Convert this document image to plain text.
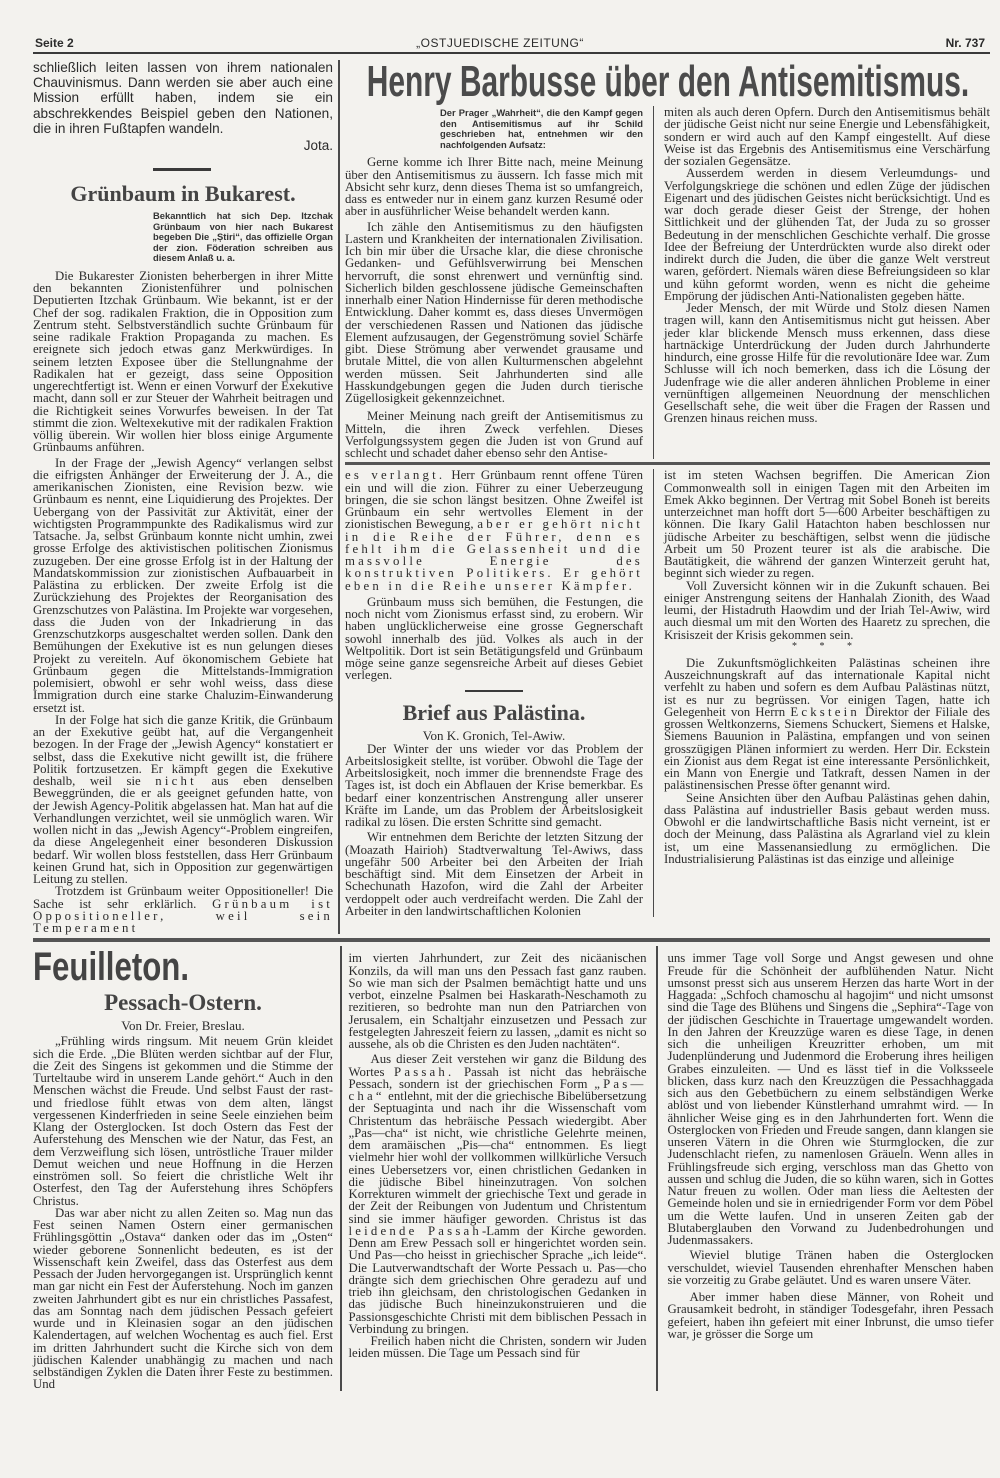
Seite 2	„OSTJUEDISCHE ZEITUNG“	Nr. 737
schließlich leiten lassen von ihrem nationalen Chauvinismus. Dann werden sie aber auch eine Mission erfüllt haben, indem sie ein abschrekkendes Beispiel geben den Nationen, die in ihren Fußtapfen wandeln.
Jota.
Grünbaum in Bukarest.
Bekanntlich hat sich Dep. Itzchak Grünbaum von hier nach Bukarest begeben Die „Știri“, das offizielle Organ der zion. Föderation schreiben aus diesem Anlaß u. a.

Die Bukarester Zionisten beherbergen in ihrer Mitte den bekannten Zionistenführer und polnischen Deputierten Itzchak Grünbaum. Wie bekannt, ist er der Chef der sog. radikalen Fraktion, die in Opposition zum Zentrum steht. Selbstverständlich suchte Grünbaum für seine radikale Fraktion Propaganda zu machen. Es ereignete sich jedoch etwas ganz Merkwürdiges. In seinem letzten Exposee über die Stellungnahme der Radikalen hat er gezeigt, dass seine Opposition ungerechtfertigt ist. Wenn er einen Vorwurf der Exekutive macht, dann soll er zur Steuer der Wahrheit beitragen und die Richtigkeit seines Vorwurfes beweisen. In der Tat stimmt die zion. Weltexekutive mit der radikalen Fraktion völlig überein. Wir wollen hier bloss einige Argumente Grünbaums anführen.

In der Frage der „Jewish Agency“ verlangen selbst die eifrigsten Anhänger der Erweiterung der J. A., die amerikanischen Zionisten, eine Revision bezw. wie Grünbaum es nennt, eine Liquidierung des Projektes. Der Uebergang von der Passivität zur Aktivität, einer der wichtigsten Programmpunkte des Radikalismus wird zur Tatsache. Ja, selbst Grünbaum konnte nicht umhin, zwei grosse Erfolge des aktivistischen politischen Zionismus zuzugeben. Der eine grosse Erfolg ist in der Haltung der Mandatskommission zur zionistischen Aufbauarbeit in Palästina zu erblicken. Der zweite Erfolg ist die Zurückziehung des Projektes der Reorganisation des Grenzschutzes von Palästina. Im Projekte war vorgesehen, dass die Juden von der Inkadrierung in das Grenzschutzkorps ausgeschaltet werden sollen. Dank den Bemühungen der Exekutive ist es nun gelungen dieses Projekt zu vereiteln. Auf ökonomischem Gebiete hat Grünbaum gegen die Mittelstands-Immigration polemisiert, obwohl er sehr wohl weiss, dass diese Immigration durch eine starke Chaluzim-Einwanderung ersetzt ist.

In der Folge hat sich die ganze Kritik, die Grünbaum an der Exekutive geübt hat, auf die Vergangenheit bezogen. In der Frage der „Jewish Agency“ konstatiert er selbst, dass die Exekutive nicht gewillt ist, die frühere Politik fortzusetzen. Er kämpft gegen die Exekutive deshalb, weil sie nicht aus eben denselben Beweggründen, die er als geeignet gefunden hatte, von der Jewish Agency-Politik abgelassen hat. Man hat auf die Verhandlungen verzichtet, weil sie unmöglich waren. Wir wollen nicht in das „Jewish Agency“-Problem eingreifen, da diese Angelegenheit einer besonderen Diskussion bedarf. Wir wollen bloss feststellen, dass Herr Grünbaum keinen Grund hat, sich in Opposition zur gegenwärtigen Leitung zu stellen.

Trotzdem ist Grünbaum weiter Oppositioneller! Die Sache ist sehr erklärlich. Grünbaum ist Oppositioneller, weil sein Temperament

Henry Barbusse über den Antisemitismus.
Der Prager „Wahrheit“, die den Kampf gegen den Antisemitismus auf ihr Schild geschrieben hat, entnehmen wir den nachfolgenden Aufsatz:

Gerne komme ich Ihrer Bitte nach, meine Meinung über den Antisemitismus zu äussern. Ich fasse mich mit Absicht sehr kurz, denn dieses Thema ist so umfangreich, dass es entweder nur in einem ganz kurzen Resumé oder aber in ausführlicher Weise behandelt werden kann.

Ich zähle den Antisemitismus zu den häufigsten Lastern und Krankheiten der internationalen Zivilisation. Ich bin mir über die Ursache klar, die diese chronische Gedanken- und Gefühlsverwirrung bei Menschen hervorruft, die sonst ehrenwert und vernünftig sind. Sicherlich bilden geschlossene jüdische Gemeinschaften innerhalb einer Nation Hindernisse für deren methodische Entwicklung. Daher kommt es, dass dieses Unvermögen der verschiedenen Rassen und Nationen das jüdische Element aufzusaugen, der Gegenströmung soviel Schärfe gibt. Diese Strömung aber verwendet grausame und brutale Mittel, die von allen Kulturmenschen abgelehnt werden müssen. Seit Jahrhunderten sind alle Hasskundgebungen gegen die Juden durch tierische Zügellosigkeit gekennzeichnet.

Meiner Meinung nach greift der Antisemitismus zu Mitteln, die ihren Zweck verfehlen. Dieses Verfolgungssystem gegen die Juden ist von Grund auf schlecht und schadet daher ebenso sehr den Antise-

miten als auch deren Opfern. Durch den Antisemitismus behält der jüdische Geist nicht nur seine Energie und Lebensfähigkeit, sondern er wird auch auf den Kampf eingestellt. Auf diese Weise ist das Ergebnis des Antisemitismus eine Verschärfung der sozialen Gegensätze.

Ausserdem werden in diesem Verleumdungs- und Verfolgungskriege die schönen und edlen Züge der jüdischen Eigenart und des jüdischen Geistes nicht berücksichtigt. Und es war doch gerade dieser Geist der Strenge, der hohen Sittlichkeit und der glühenden Tat, der Juda zu so grosser Bedeutung in der menschlichen Geschichte verhalf. Die grosse Idee der Befreiung der Unterdrückten wurde also direkt oder indirekt durch die Juden, die über die ganze Welt verstreut waren, gefördert. Niemals wären diese Befreiungsideen so klar und kühn geformt worden, wenn es nicht die geheime Empörung der jüdischen Anti-Nationalisten gegeben hätte.

Jeder Mensch, der mit Würde und Stolz diesen Namen tragen will, kann den Antisemitismus nicht gut heissen. Aber jeder klar blickende Mensch muss erkennen, dass diese hartnäckige Unterdrückung der Juden durch Jahrhunderte hindurch, eine grosse Hilfe für die revolutionäre Idee war. Zum Schlusse will ich noch bemerken, dass ich die Lösung der Judenfrage wie die aller anderen ähnlichen Probleme in einer vernünftigen allgemeinen Neuordnung der menschlichen Gesellschaft sehe, die weit über die Fragen der Rassen und Grenzen hinaus reichen muss.

es verlangt. Herr Grünbaum rennt offene Türen ein und will die zion. Führer zu einer Ueberzeugung bringen, die sie schon längst besitzen. Ohne Zweifel ist Grünbaum ein sehr wertvolles Element in der zionistischen Bewegung, aber er gehört nicht in die Reihe der Führer, denn es fehlt ihm die Gelassenheit und die massvolle Energie des konstruktiven Politikers. Er gehört eben in die Reihe unserer Kämpfer.

Grünbaum muss sich bemühen, die Festungen, die noch nicht vom Zionismus erfasst sind, zu erobern. Wir haben unglücklicherweise eine grosse Gegnerschaft sowohl innerhalb des jüd. Volkes als auch in der Weltpolitik. Dort ist sein Betätigungsfeld und Grünbaum möge seine ganze segensreiche Arbeit auf dieses Gebiet verlegen.

Brief aus Palästina.
Von K. Gronich, Tel-Awiw.

Der Winter der uns wieder vor das Problem der Arbeitslosigkeit stellte, ist vorüber. Obwohl die Tage der Arbeitslosigkeit, noch immer die brennendste Frage des Tages ist, ist doch ein Abflauen der Krise bemerkbar. Es bedarf einer konzentrischen Anstrengung aller unserer Kräfte im Lande, um das Problem der Arbeitslosigkeit radikal zu lösen. Die ersten Schritte sind gemacht.

Wir entnehmen dem Berichte der letzten Sitzung der (Moazath Hairioh) Stadtverwaltung Tel-Awiws, dass ungefähr 500 Arbeiter bei den Arbeiten der Iriah beschäftigt sind. Mit dem Einsetzen der Arbeit in Schechunath Hazofon, wird die Zahl der Arbeiter verdoppelt oder auch verdreifacht werden. Die Zahl der Arbeiter in den landwirtschaftlichen Kolonien

ist im steten Wachsen begriffen. Die American Zion Commonwealth soll in einigen Tagen mit den Arbeiten im Emek Akko beginnen. Der Vertrag mit Sobel Boneh ist bereits unterzeichnet man hofft dort 5—600 Arbeiter beschäftigen zu können. Die Ikary Galil Hatachton haben beschlossen nur jüdische Arbeiter zu beschäftigen, selbst wenn die jüdische Arbeit um 50 Prozent teurer ist als die arabische. Die Bautätigkeit, die während der ganzen Winterzeit geruht hat, beginnt sich wieder zu regen.

Voll Zuversicht können wir in die Zukunft schauen. Bei einiger Anstrengung seitens der Hanhalah Zionith, des Waad leumi, der Histadruth Haowdim und der Iriah Tel-Awiw, wird auch diesmal um mit den Worten des Haaretz zu sprechen, die Krisiszeit der Krisis gekommen sein.

* * *

Die Zukunftsmöglichkeiten Palästinas scheinen ihre Auszeichnungskraft auf das internationale Kapital nicht verfehlt zu haben und sofern es dem Aufbau Palästinas nützt, ist es nur zu begrüssen. Vor einigen Tagen, hatte ich Gelegenheit von Herrn Eckstein Direktor der Filiale des grossen Weltkonzerns, Siemens Schuckert, Siemens et Halske, Siemens Bauunion in Palästina, empfangen und von seinen grosszügigen Plänen informiert zu werden. Herr Dir. Eckstein ein Zionist aus dem Regat ist eine interessante Persönlichkeit, ein Mann von Energie und Tatkraft, dessen Namen in der palästinensischen Presse öfter genannt wird.

Seine Ansichten über den Aufbau Palästinas gehen dahin, dass Palästina auf industrieller Basis gebaut werden muss. Obwohl er die landwirtschaftliche Basis nicht verneint, ist er doch der Meinung, dass Palästina als Agrarland viel zu klein ist, um eine Massenansiedlung zu ermöglichen. Die Industrialisierung Palästinas ist das einzige und alleinige

Feuilleton.
Pessach-Ostern.
Von Dr. Freier, Breslau.

„Frühling wirds ringsum. Mit neuem Grün kleidet sich die Erde. „Die Blüten werden sichtbar auf der Flur, die Zeit des Singens ist gekommen und die Stimme der Turteltaube wird in unserem Lande gehört.“ Auch in den Menschen wächst die Freude. Und selbst Faust der rast- und friedlose fühlt etwas von dem alten, längst vergessenen Kinderfrieden in seine Seele einziehen beim Klang der Osterglocken. Ist doch Ostern das Fest der Auferstehung des Menschen wie der Natur, das Fest, an dem Verzweiflung sich lösen, untröstliche Trauer milder Demut weichen und neue Hoffnung in die Herzen einströmen soll. So feiert die christliche Welt ihr Osterfest, den Tag der Auferstehung ihres Schöpfers Christus.

Das war aber nicht zu allen Zeiten so. Mag nun das Fest seinen Namen Ostern einer germanischen Frühlingsgöttin „Ostava“ danken oder das im „Osten“ wieder geborene Sonnenlicht bedeuten, es ist der Wissenschaft kein Zweifel, dass das Osterfest aus dem Pessach der Juden hervorgegangen ist. Ursprünglich kennt man gar nicht ein Fest der Auferstehung. Noch im ganzen zweiten Jahrhundert gibt es nur ein christliches Passafest, das am Sonntag nach dem jüdischen Pessach gefeiert wurde und in Kleinasien sogar an den jüdischen Kalendertagen, auf welchen Wochentag es auch fiel. Erst im dritten Jahrhundert sucht die Kirche sich von dem jüdischen Kalender unabhängig zu machen und nach selbständigen Zyklen die Daten ihrer Feste zu bestimmen. Und

im vierten Jahrhundert, zur Zeit des nicäanischen Konzils, da will man uns den Pessach fast ganz rauben. So wie man sich der Psalmen bemächtigt hatte und uns verbot, einzelne Psalmen bei Haskarath-Neschamoth zu rezitieren, so bedrohte man nun den Patriarchen von Jerusalem, ein Schaltjahr einzusetzen und Pessach zur festgelegten Jahreszeit feiern zu lassen, „damit es nicht so aussehe, als ob die Christen es den Juden nachtäten“.

Aus dieser Zeit verstehen wir ganz die Bildung des Wortes Passah. Passah ist nicht das hebräische Pessach, sondern ist der griechischen Form „Pas—cha“ entlehnt, mit der die griechische Bibelübersetzung der Septuaginta und nach ihr die Wissenschaft vom Christentum das hebräische Pessach wiedergibt. Aber „Pas—cha“ ist nicht, wie christliche Gelehrte meinen, dem aramäischen „Pis—cha“ entnommen. Es liegt vielmehr hier wohl der vollkommen willkürliche Versuch eines Uebersetzers vor, einen christlichen Gedanken in die jüdische Bibel hineinzutragen. Von solchen Korrekturen wimmelt der griechische Text und gerade in der Zeit der Reibungen von Judentum und Christentum sind sie immer häufiger geworden. Christus ist das leidende Passah-Lamm der Kirche geworden. Denn am Erew Pessach soll er hingerichtet worden sein. Und Pas—cho heisst in griechischer Sprache „ich leide“. Die Lautverwandtschaft der Worte Pessach u. Pas—cho drängte sich dem griechischen Ohre geradezu auf und trieb ihn gleichsam, den christologischen Gedanken in das jüdische Buch hineinzukonstruieren und die Passionsgeschichte Christi mit dem biblischen Pessach in Verbindung zu bringen.

Freilich haben nicht die Christen, sondern wir Juden leiden müssen. Die Tage um Pessach sind für

uns immer Tage voll Sorge und Angst gewesen und ohne Freude für die Schönheit der aufblühenden Natur. Nicht umsonst presst sich aus unserem Herzen das harte Wort in der Haggada: „Schfoch chamoschu al hagojim“ und nicht umsonst sind die Tage des Blühens und Singens die „Sephira“-Tage von der jüdischen Geschichte in Trauertage umgewandelt worden. In den Jahren der Kreuzzüge waren es diese Tage, in denen sich die unheiligen Kreuzritter erhoben, um mit Judenplünderung und Judenmord die Eroberung ihres heiligen Grabes einzuleiten. — Und es lässt tief in die Volksseele blicken, dass kurz nach den Kreuzzügen die Pessachhaggada sich aus den Gebetbüchern zu einem selbständigen Werke ablöst und von liebender Künstlerhand umrahmt wird. — In ähnlicher Weise ging es in den Jahrhunderten fort. Wenn die Osterglocken von Frieden und Freude sangen, dann klangen sie unseren Vätern in die Ohren wie Sturmglocken, die zur Judenschlacht riefen, zu namenlosen Gräueln. Wenn alles in Frühlingsfreude sich erging, verschloss man das Ghetto von aussen und schlug die Juden, die so kühn waren, sich in Gottes Natur freuen zu wollen. Oder man liess die Aeltesten der Gemeinde holen und sie in erniedrigender Form vor dem Pöbel um die Wette laufen. Und in unseren Zeiten gab der Blutaberglauben den Vorwand zu Judenbedrohungen und Judenmassakers.

Wieviel blutige Tränen haben die Osterglocken verschuldet, wieviel Tausenden ehrenhafter Menschen haben sie vorzeitig zu Grabe geläutet. Und es waren unsere Väter.

Aber immer haben diese Männer, von Roheit und Grausamkeit bedroht, in ständiger Todesgefahr, ihren Pessach gefeiert, haben ihn gefeiert mit einer Inbrunst, die umso tiefer war, je grösser die Sorge um
